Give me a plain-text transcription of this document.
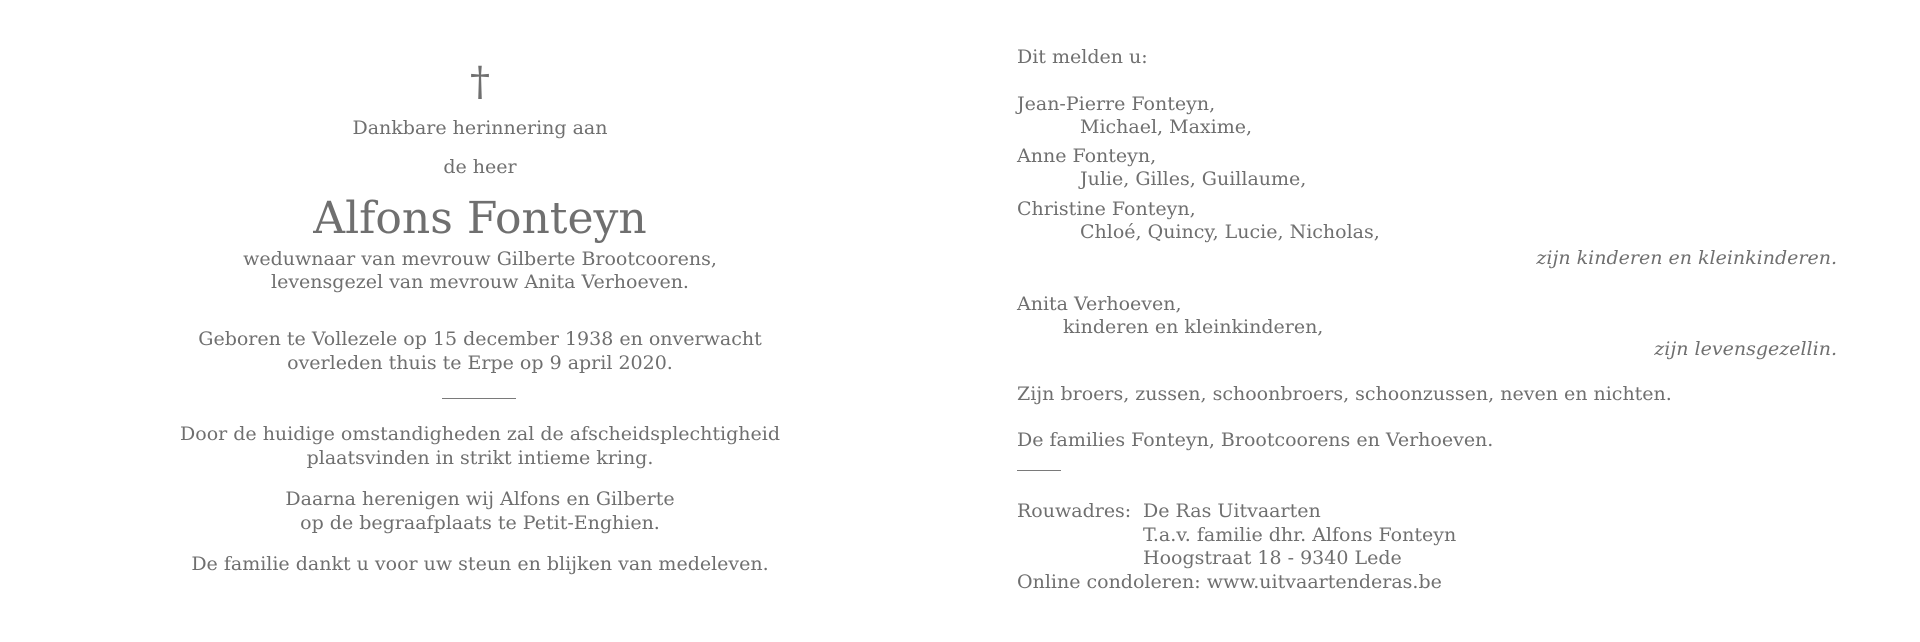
†
Dankbare herinnering aan
de heer
Alfons Fonteyn
weduwnaar van mevrouw Gilberte Brootcoorens,
levensgezel van mevrouw Anita Verhoeven.
Geboren te Vollezele op 15 december 1938 en onverwacht
overleden thuis te Erpe op 9 april 2020.
Door de huidige omstandigheden zal de afscheidsplechtigheid
plaatsvinden in strikt intieme kring.
Daarna herenigen wij Alfons en Gilberte
op de begraafplaats te Petit-Enghien.
De familie dankt u voor uw steun en blijken van medeleven.
Dit melden u:
Jean-Pierre Fonteyn,
Michael, Maxime,
Anne Fonteyn,
Julie, Gilles, Guillaume,
Christine Fonteyn,
Chloé, Quincy, Lucie, Nicholas,
zijn kinderen en kleinkinderen.
Anita Verhoeven,
kinderen en kleinkinderen,
zijn levensgezellin.
Zijn broers, zussen, schoonbroers, schoonzussen, neven en nichten.
De families Fonteyn, Brootcoorens en Verhoeven.
Rouwadres: De Ras Uitvaarten
T.a.v. familie dhr. Alfons Fonteyn
Hoogstraat 18 - 9340 Lede
Online condoleren: www.uitvaartenderas.be
